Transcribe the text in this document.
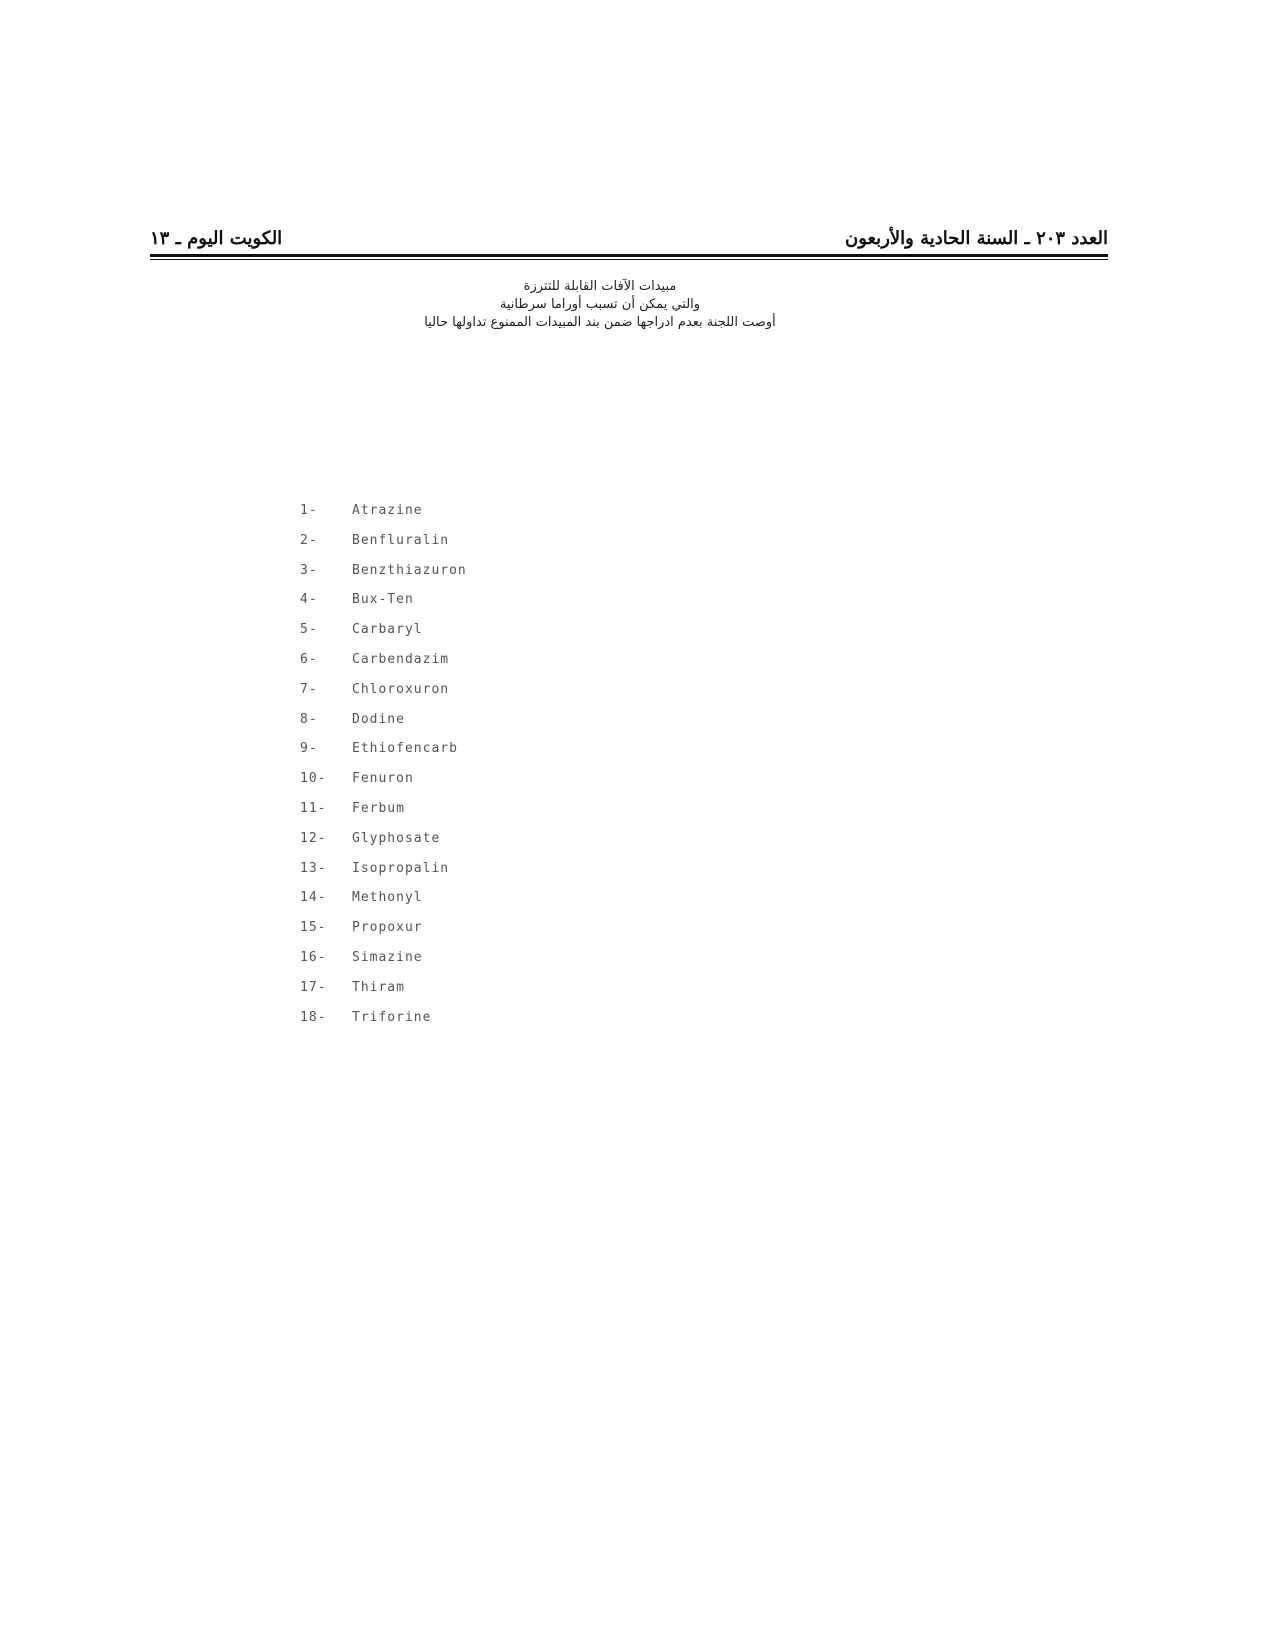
العدد ٢٠٣ ـ السنة الحادية والأربعون
الكويت اليوم ـ ١٣
مبيدات الآفات القابلة للتترزة
والتي يمكن أن تسبب أوراما سرطانية
أوصت اللجنة بعدم ادراجها ضمن بند المبيدات الممنوع تداولها حاليا
1-	Atrazine
2-	Benfluralin
3-	Benzthiazuron
4-	Bux-Ten
5-	Carbaryl
6-	Carbendazim
7-	Chloroxuron
8-	Dodine
9-	Ethiofencarb
10-	Fenuron
11-	Ferbum
12-	Glyphosate
13-	Isopropalin
14-	Methonyl
15-	Propoxur
16-	Simazine
17-	Thiram
18-	Triforine
